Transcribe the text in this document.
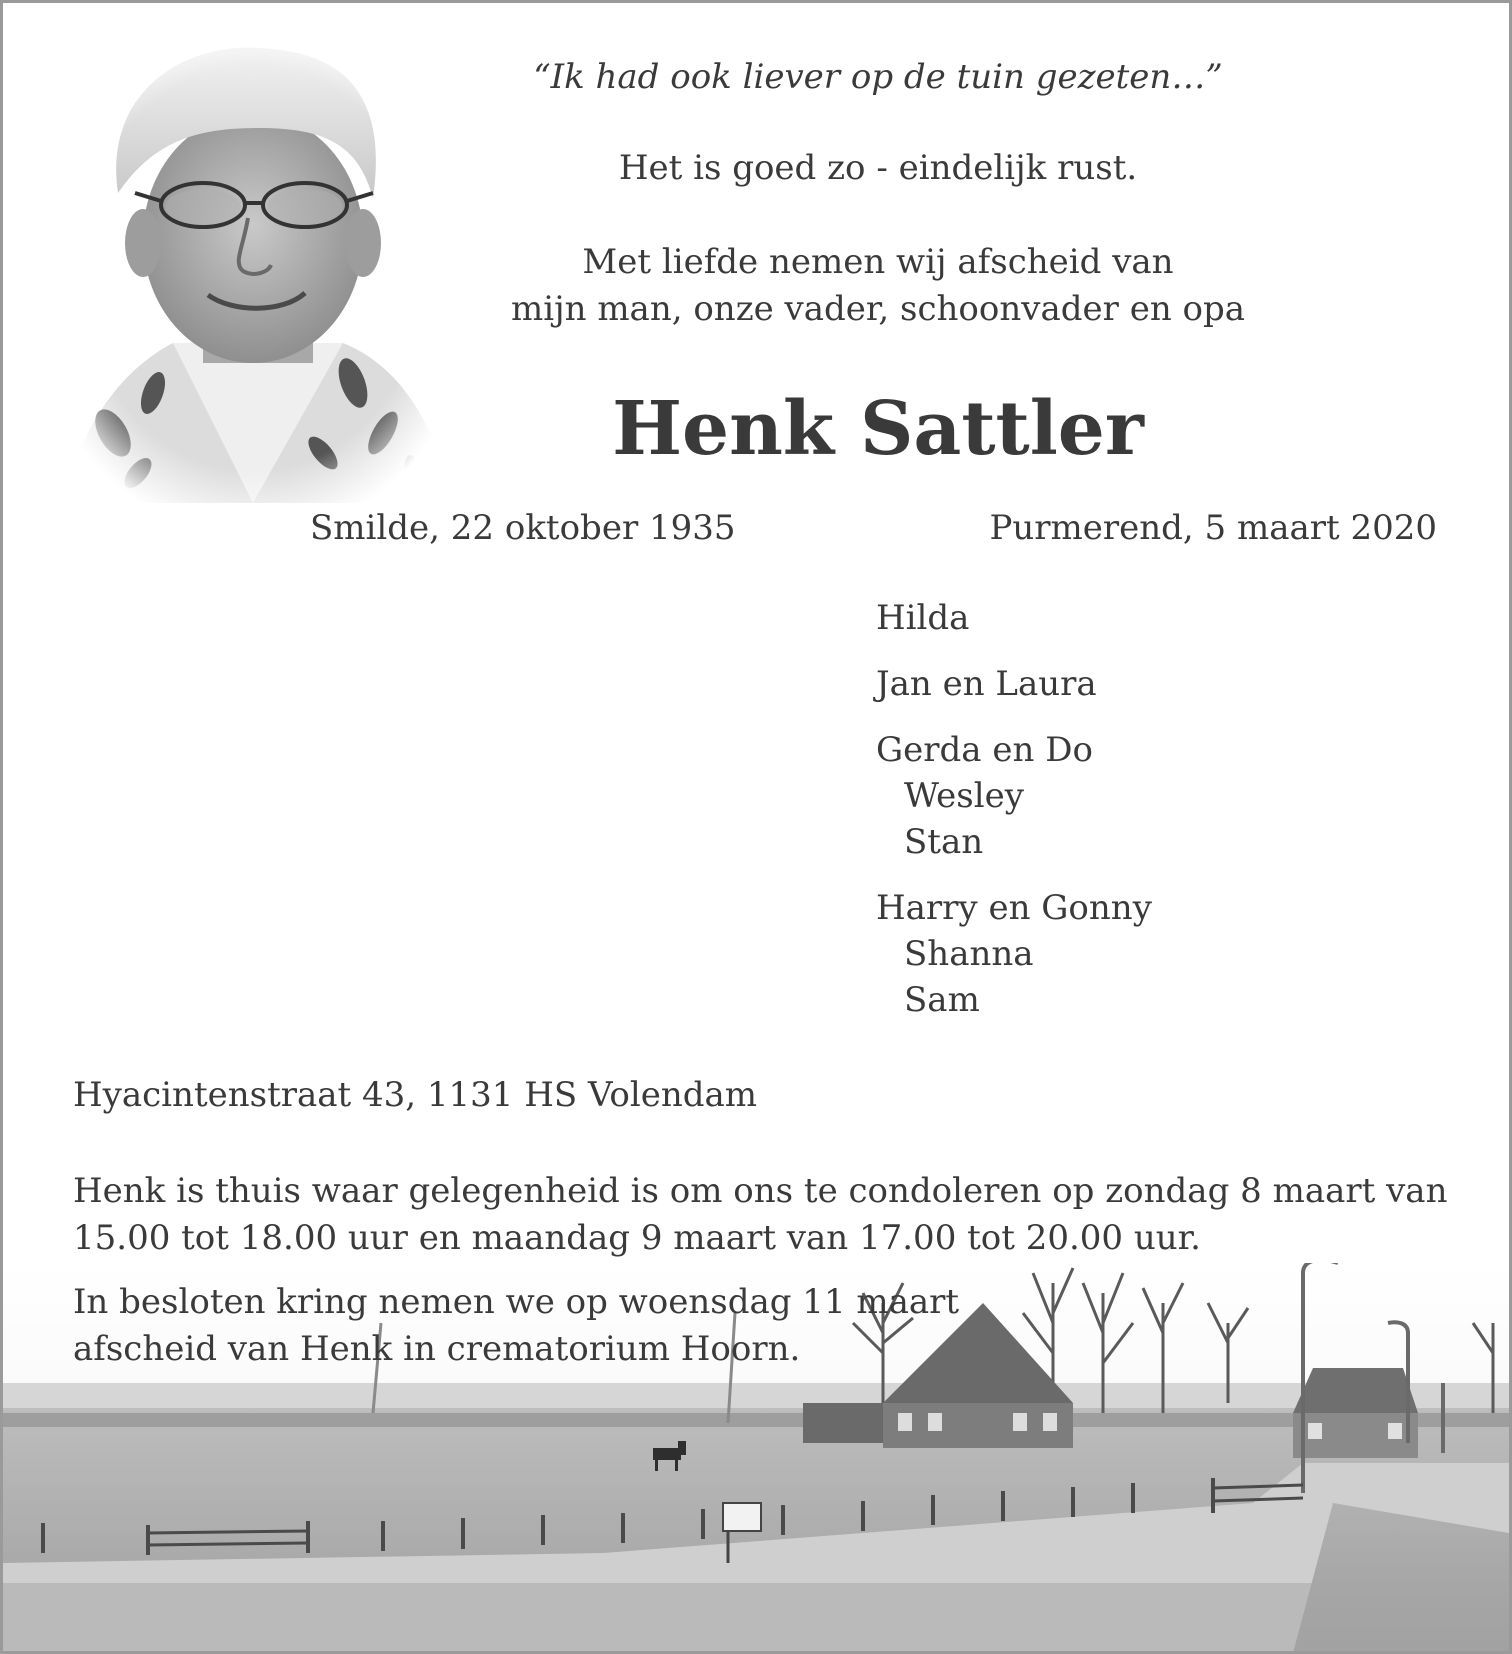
“Ik had ook liever op de tuin gezeten…”
Het is goed zo - eindelijk rust.
Met liefde nemen wij afscheid van
mijn man, onze vader, schoonvader en opa
Henk Sattler
Smilde, 22 oktober 1935	Purmerend, 5 maart 2020
Hilda
Jan en Laura
Gerda en Do
Wesley
Stan
Harry en Gonny
Shanna
Sam
Hyacintenstraat 43, 1131 HS Volendam
Henk is thuis waar gelegenheid is om ons te condoleren op zondag 8 maart van 15.00 tot 18.00 uur en maandag 9 maart van 17.00 tot 20.00 uur.
In besloten kring nemen we op woensdag 11 maart afscheid van Henk in crematorium Hoorn.
